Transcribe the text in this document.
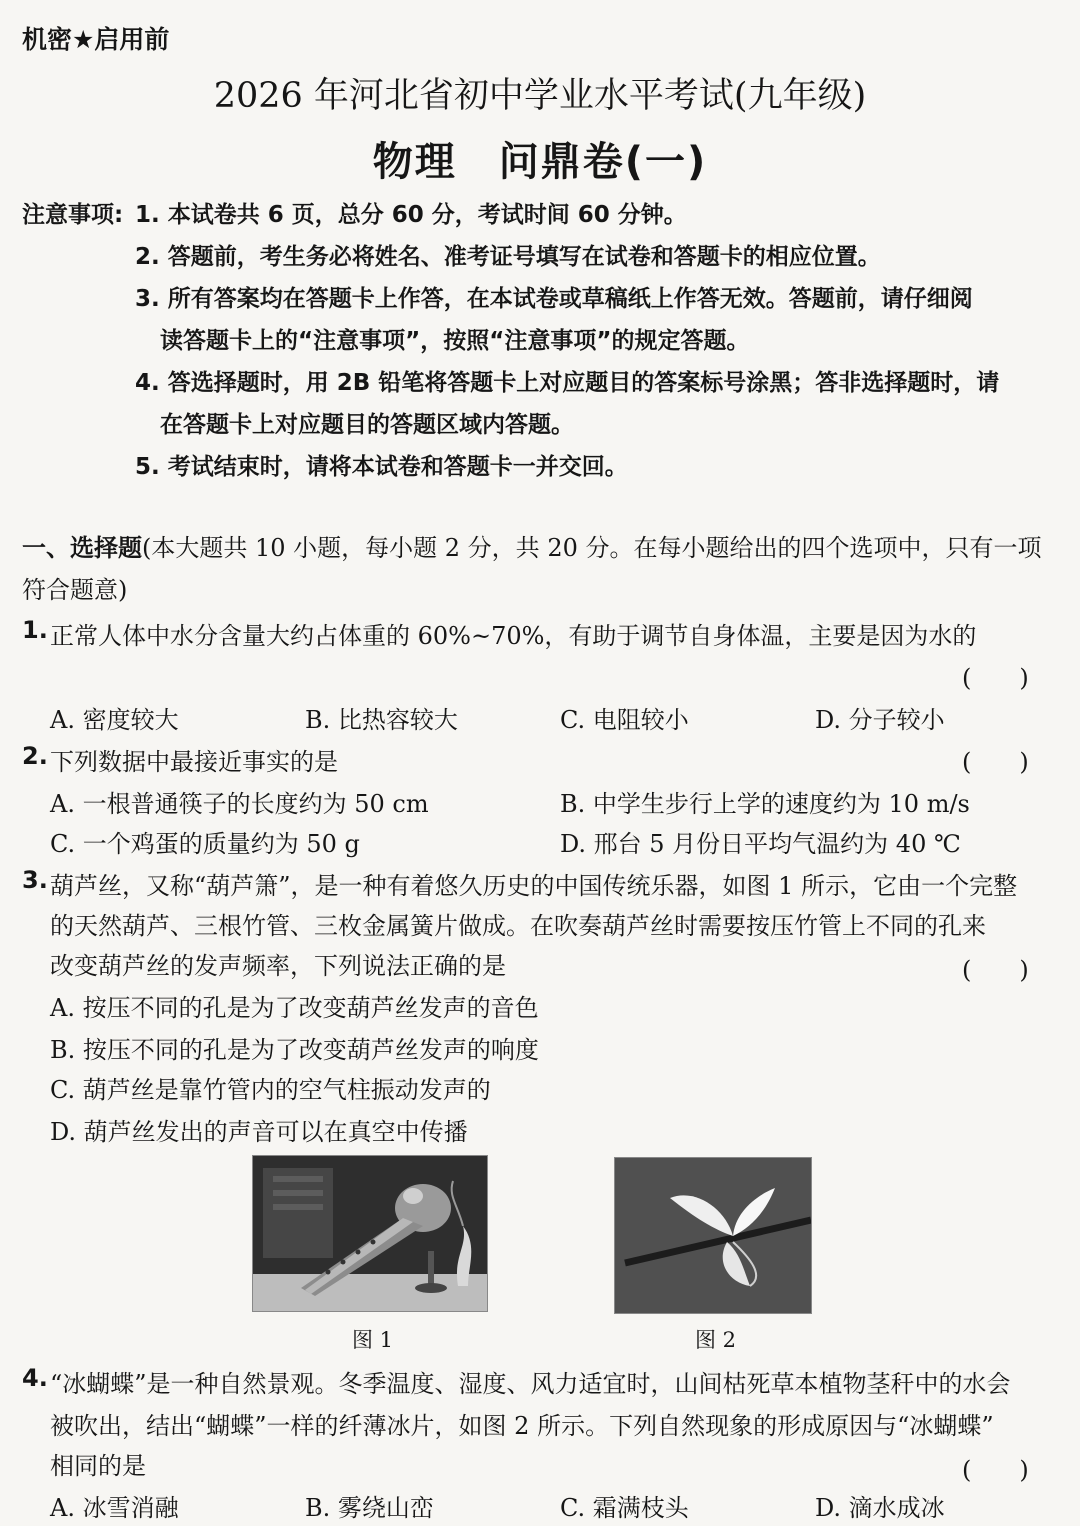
机密★启用前
2026 年河北省初中学业水平考试(九年级)
物理　问鼎卷(一)
注意事项: 1. 本试卷共 6 页，总分 60 分，考试时间 60 分钟。
2. 答题前，考生务必将姓名、准考证号填写在试卷和答题卡的相应位置。
3. 所有答案均在答题卡上作答，在本试卷或草稿纸上作答无效。答题前，请仔细阅
读答题卡上的“注意事项”，按照“注意事项”的规定答题。
4. 答选择题时，用 2B 铅笔将答题卡上对应题目的答案标号涂黑；答非选择题时，请
在答题卡上对应题目的答题区域内答题。
5. 考试结束时，请将本试卷和答题卡一并交回。
一、选择题(本大题共 10 小题，每小题 2 分，共 20 分。在每小题给出的四个选项中，只有一项
符合题意)
1. 正常人体中水分含量大约占体重的 60%~70%，有助于调节自身体温，主要是因为水的
(　　)
A. 密度较大	B. 比热容较大	C. 电阻较小	D. 分子较小
2. 下列数据中最接近事实的是	(　　)
A. 一根普通筷子的长度约为 50 cm	B. 中学生步行上学的速度约为 10 m/s
C. 一个鸡蛋的质量约为 50 g	D. 邢台 5 月份日平均气温约为 40 ℃
3. 葫芦丝，又称“葫芦箫”，是一种有着悠久历史的中国传统乐器，如图 1 所示，它由一个完整
的天然葫芦、三根竹管、三枚金属簧片做成。在吹奏葫芦丝时需要按压竹管上不同的孔来
改变葫芦丝的发声频率，下列说法正确的是	(　　)
A. 按压不同的孔是为了改变葫芦丝发声的音色
B. 按压不同的孔是为了改变葫芦丝发声的响度
C. 葫芦丝是靠竹管内的空气柱振动发声的
D. 葫芦丝发出的声音可以在真空中传播
图 1	图 2
4. “冰蝴蝶”是一种自然景观。冬季温度、湿度、风力适宜时，山间枯死草本植物茎秆中的水会
被吹出，结出“蝴蝶”一样的纤薄冰片，如图 2 所示。下列自然现象的形成原因与“冰蝴蝶”
相同的是	(　　)
A. 冰雪消融	B. 雾绕山峦	C. 霜满枝头	D. 滴水成冰
